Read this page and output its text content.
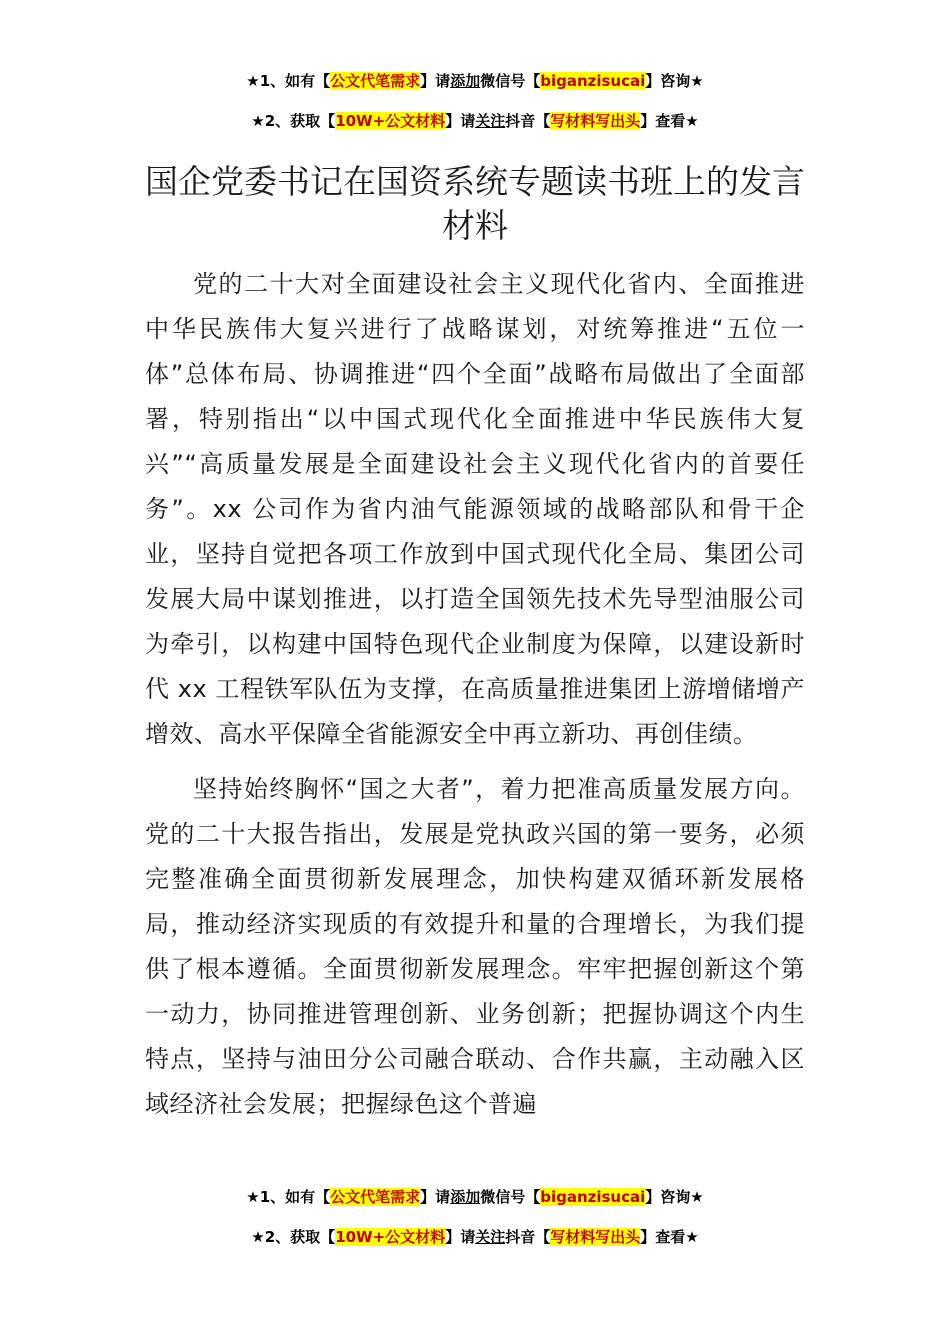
★1、如有【公文代笔需求】请添加微信号【biganzisucai】咨询★
★2、获取【10W+公文材料】请关注抖音【写材料写出头】查看★
国企党委书记在国资系统专题读书班上的发言材料

党的二十大对全面建设社会主义现代化省内、全面推进中华民族伟大复兴进行了战略谋划，对统筹推进“五位一体”总体布局、协调推进“四个全面”战略布局做出了全面部署，特别指出“以中国式现代化全面推进中华民族伟大复兴”“高质量发展是全面建设社会主义现代化省内的首要任务”。xx 公司作为省内油气能源领域的战略部队和骨干企业，坚持自觉把各项工作放到中国式现代化全局、集团公司发展大局中谋划推进，以打造全国领先技术先导型油服公司为牵引，以构建中国特色现代企业制度为保障，以建设新时代 xx 工程铁军队伍为支撑，在高质量推进集团上游增储增产增效、高水平保障全省能源安全中再立新功、再创佳绩。

坚持始终胸怀“国之大者”，着力把准高质量发展方向。党的二十大报告指出，发展是党执政兴国的第一要务，必须完整准确全面贯彻新发展理念，加快构建双循环新发展格局，推动经济实现质的有效提升和量的合理增长，为我们提供了根本遵循。全面贯彻新发展理念。牢牢把握创新这个第一动力，协同推进管理创新、业务创新；把握协调这个内生特点，坚持与油田分公司融合联动、合作共赢，主动融入区域经济社会发展；把握绿色这个普遍

★1、如有【公文代笔需求】请添加微信号【biganzisucai】咨询★
★2、获取【10W+公文材料】请关注抖音【写材料写出头】查看★
